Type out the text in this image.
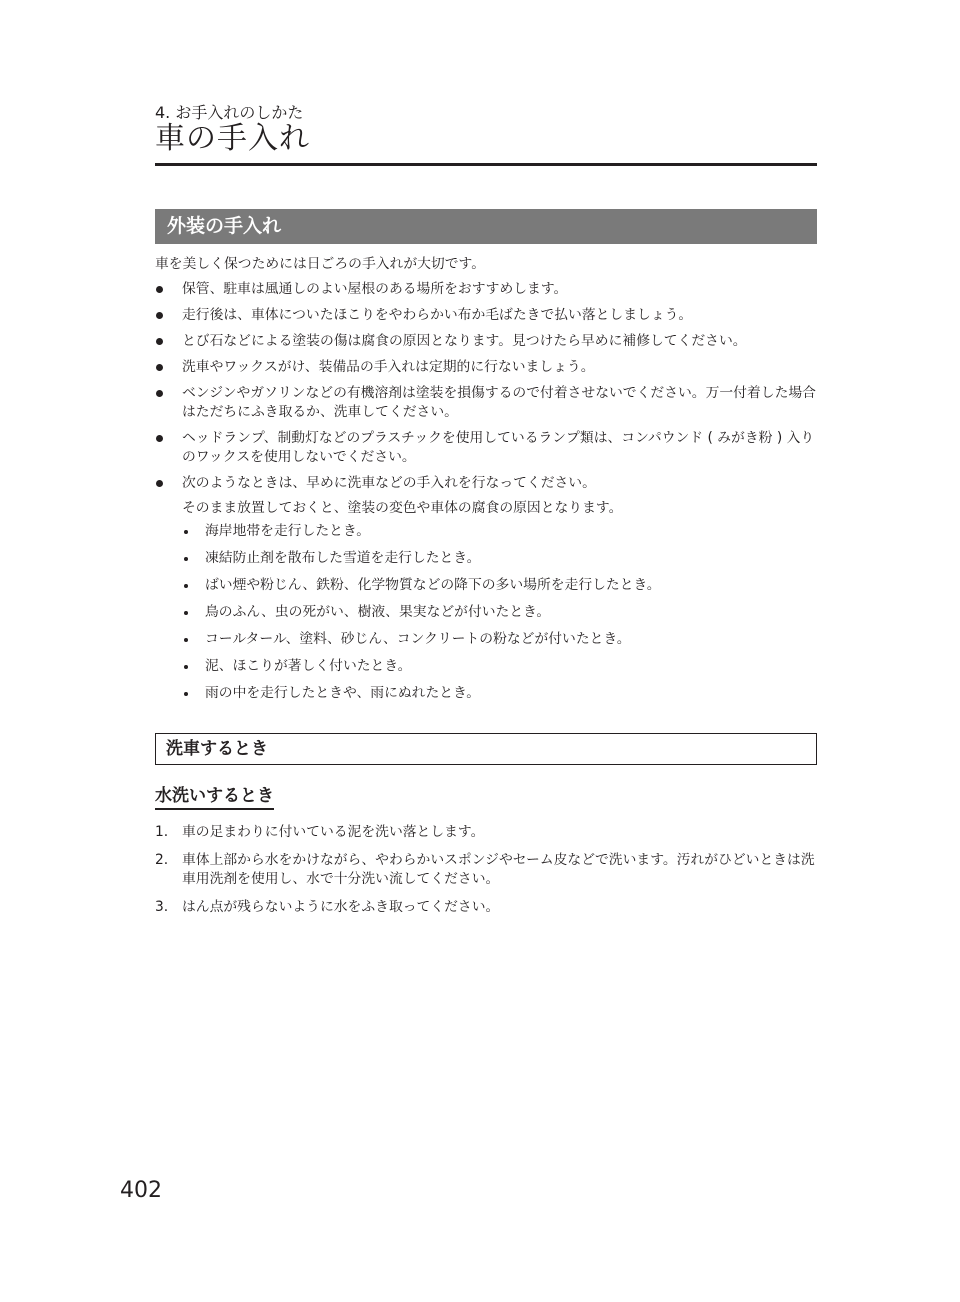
4. お手入れのしかた
車の手入れ
外装の手入れ
車を美しく保つためには日ごろの手入れが大切です。
保管、駐車は風通しのよい屋根のある場所をおすすめします。
走行後は、車体についたほこりをやわらかい布か毛ばたきで払い落としましょう。
とび石などによる塗装の傷は腐食の原因となります。見つけたら早めに補修してください。
洗車やワックスがけ、装備品の手入れは定期的に行ないましょう。
ベンジンやガソリンなどの有機溶剤は塗装を損傷するので付着させないでください。万一付着した場合はただちにふき取るか、洗車してください。
ヘッドランプ、制動灯などのプラスチックを使用しているランプ類は、コンパウンド ( みがき粉 ) 入りのワックスを使用しないでください。
次のようなときは、早めに洗車などの手入れを行なってください。
そのまま放置しておくと、塗装の変色や車体の腐食の原因となります。
海岸地帯を走行したとき。
凍結防止剤を散布した雪道を走行したとき。
ばい煙や粉じん、鉄粉、化学物質などの降下の多い場所を走行したとき。
鳥のふん、虫の死がい、樹液、果実などが付いたとき。
コールタール、塗料、砂じん、コンクリートの粉などが付いたとき。
泥、ほこりが著しく付いたとき。
雨の中を走行したときや、雨にぬれたとき。
洗車するとき
水洗いするとき
1. 車の足まわりに付いている泥を洗い落とします。
2. 車体上部から水をかけながら、やわらかいスポンジやセーム皮などで洗います。汚れがひどいときは洗車用洗剤を使用し、水で十分洗い流してください。
3. はん点が残らないように水をふき取ってください。
402
